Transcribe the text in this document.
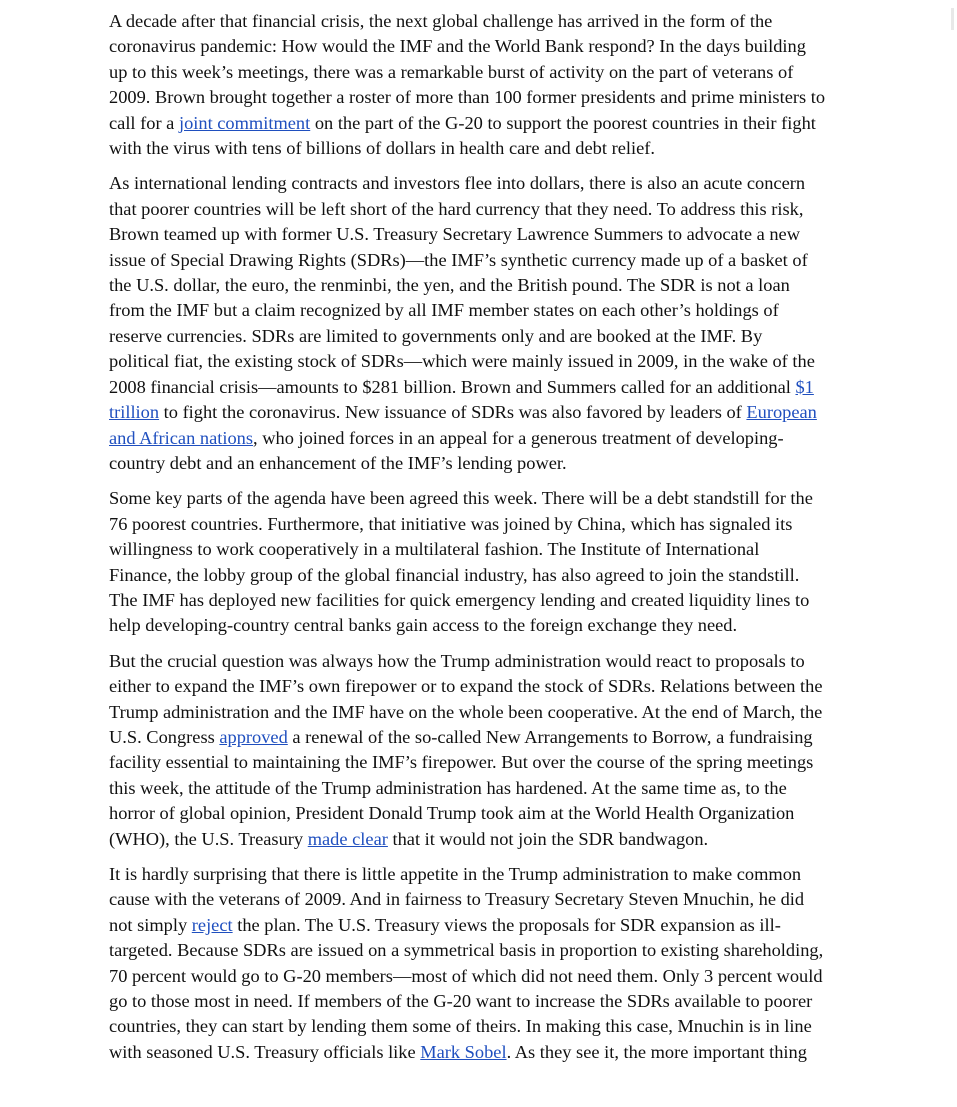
A decade after that financial crisis, the next global challenge has arrived in the form of the
coronavirus pandemic: How would the IMF and the World Bank respond? In the days building
up to this week’s meetings, there was a remarkable burst of activity on the part of veterans of
2009. Brown brought together a roster of more than 100 former presidents and prime ministers to
call for a joint commitment on the part of the G-20 to support the poorest countries in their fight
with the virus with tens of billions of dollars in health care and debt relief.

As international lending contracts and investors flee into dollars, there is also an acute concern
that poorer countries will be left short of the hard currency that they need. To address this risk,
Brown teamed up with former U.S. Treasury Secretary Lawrence Summers to advocate a new
issue of Special Drawing Rights (SDRs)—the IMF’s synthetic currency made up of a basket of
the U.S. dollar, the euro, the renminbi, the yen, and the British pound. The SDR is not a loan
from the IMF but a claim recognized by all IMF member states on each other’s holdings of
reserve currencies. SDRs are limited to governments only and are booked at the IMF. By
political fiat, the existing stock of SDRs—which were mainly issued in 2009, in the wake of the
2008 financial crisis—amounts to $281 billion. Brown and Summers called for an additional $1
trillion to fight the coronavirus. New issuance of SDRs was also favored by leaders of European
and African nations, who joined forces in an appeal for a generous treatment of developing-
country debt and an enhancement of the IMF’s lending power.

Some key parts of the agenda have been agreed this week. There will be a debt standstill for the
76 poorest countries. Furthermore, that initiative was joined by China, which has signaled its
willingness to work cooperatively in a multilateral fashion. The Institute of International
Finance, the lobby group of the global financial industry, has also agreed to join the standstill.
The IMF has deployed new facilities for quick emergency lending and created liquidity lines to
help developing-country central banks gain access to the foreign exchange they need.

But the crucial question was always how the Trump administration would react to proposals to
either to expand the IMF’s own firepower or to expand the stock of SDRs. Relations between the
Trump administration and the IMF have on the whole been cooperative. At the end of March, the
U.S. Congress approved a renewal of the so-called New Arrangements to Borrow, a fundraising
facility essential to maintaining the IMF’s firepower. But over the course of the spring meetings
this week, the attitude of the Trump administration has hardened. At the same time as, to the
horror of global opinion, President Donald Trump took aim at the World Health Organization
(WHO), the U.S. Treasury made clear that it would not join the SDR bandwagon.

It is hardly surprising that there is little appetite in the Trump administration to make common
cause with the veterans of 2009. And in fairness to Treasury Secretary Steven Mnuchin, he did
not simply reject the plan. The U.S. Treasury views the proposals for SDR expansion as ill-
targeted. Because SDRs are issued on a symmetrical basis in proportion to existing shareholding,
70 percent would go to G-20 members—most of which did not need them. Only 3 percent would
go to those most in need. If members of the G-20 want to increase the SDRs available to poorer
countries, they can start by lending them some of theirs. In making this case, Mnuchin is in line
with seasoned U.S. Treasury officials like Mark Sobel. As they see it, the more important thing
